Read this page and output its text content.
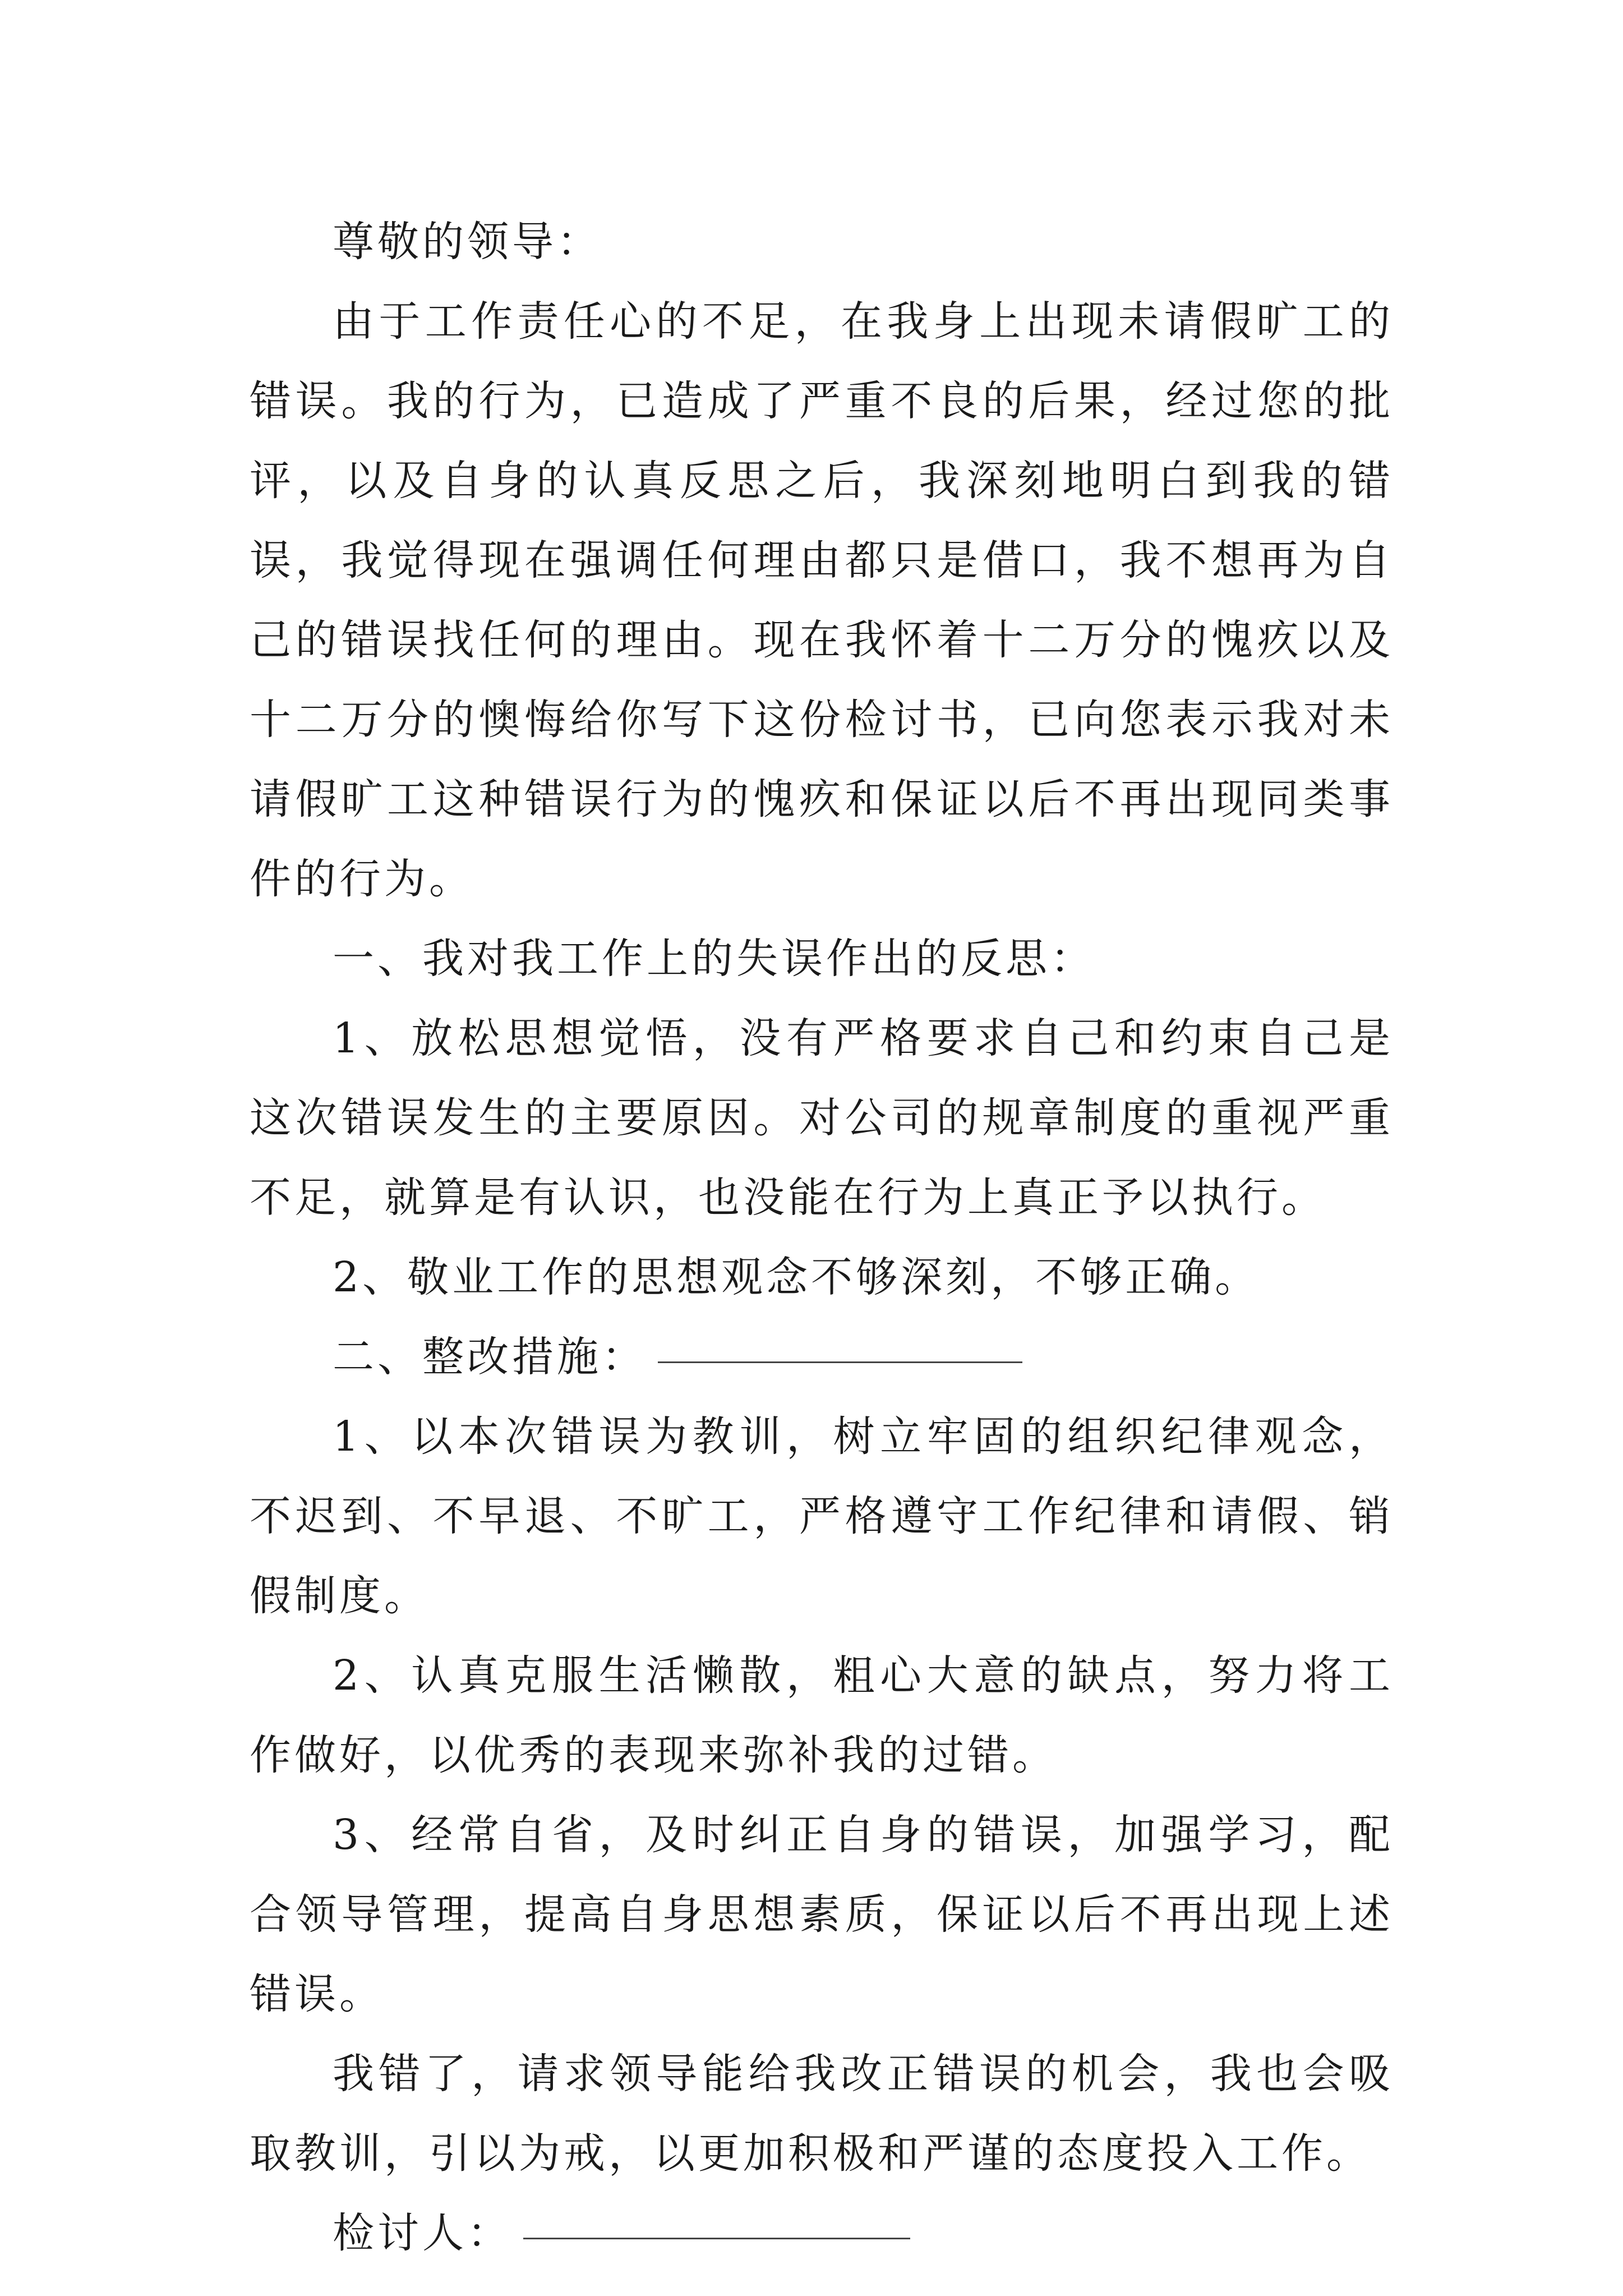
尊敬的领导：

由于工作责任心的不足，在我身上出现未请假旷工的错误。我的行为，已造成了严重不良的后果，经过您的批评，以及自身的认真反思之后，我深刻地明白到我的错误，我觉得现在强调任何理由都只是借口，我不想再为自己的错误找任何的理由。现在我怀着十二万分的愧疚以及十二万分的懊悔给你写下这份检讨书，已向您表示我对未请假旷工这种错误行为的愧疚和保证以后不再出现同类事件的行为。

一、我对我工作上的失误作出的反思：

1、放松思想觉悟，没有严格要求自己和约束自己是这次错误发生的主要原因。对公司的规章制度的重视严重不足，就算是有认识，也没能在行为上真正予以执行。

2、敬业工作的思想观念不够深刻，不够正确。

二、整改措施：

1、以本次错误为教训，树立牢固的组织纪律观念，不迟到、不早退、不旷工，严格遵守工作纪律和请假、销假制度。

2、认真克服生活懒散，粗心大意的缺点，努力将工作做好，以优秀的表现来弥补我的过错。

3、经常自省，及时纠正自身的错误，加强学习，配合领导管理，提高自身思想素质，保证以后不再出现上述错误。

我错了，请求领导能给我改正错误的机会，我也会吸取教训，引以为戒，以更加积极和严谨的态度投入工作。

检讨人：
